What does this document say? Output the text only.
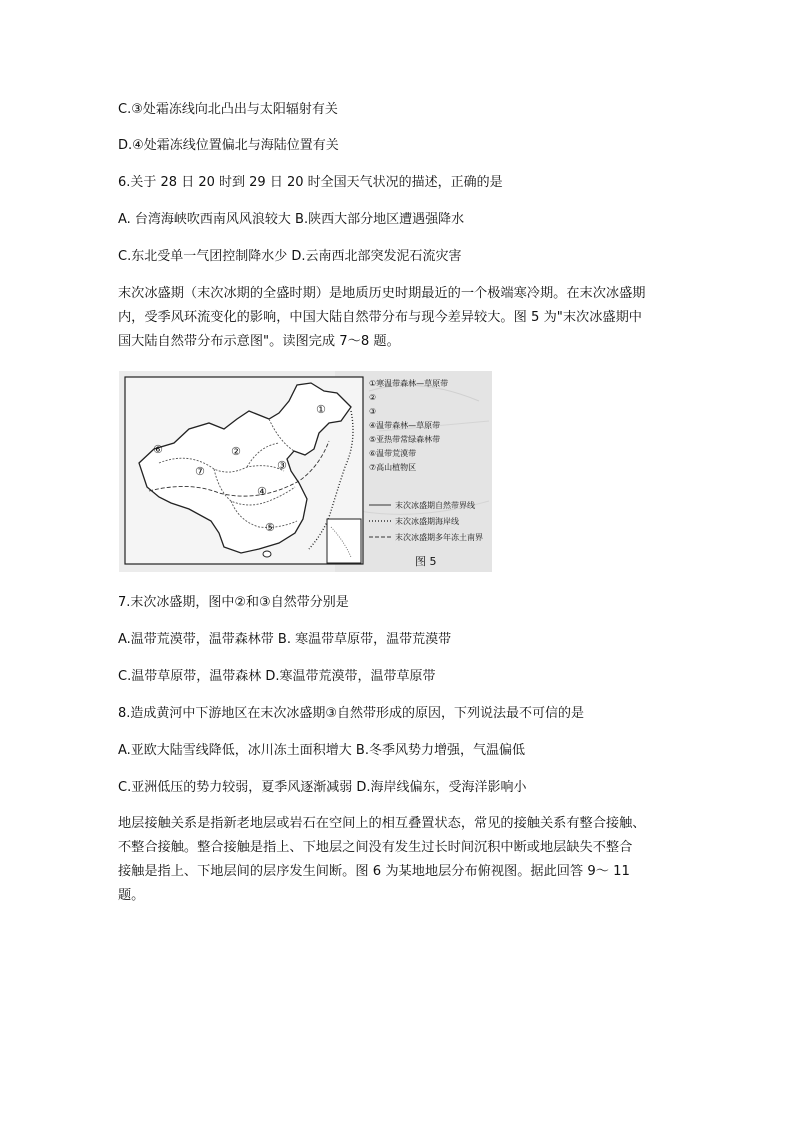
C.③处霜冻线向北凸出与太阳辐射有关
D.④处霜冻线位置偏北与海陆位置有关
6.关于 28 日 20 时到 29 日 20 时全国天气状况的描述，正确的是
A. 台湾海峡吹西南风风浪较大 B.陕西大部分地区遭遇强降水
C.东北受单一气团控制降水少 D.云南西北部突发泥石流灾害
末次冰盛期（末次冰期的全盛时期）是地质历史时期最近的一个极端寒冷期。在末次冰盛期
内，受季风环流变化的影响，中国大陆自然带分布与现今差异较大。图 5 为"末次冰盛期中
国大陆自然带分布示意图"。读图完成 7～8 题。
①
②
③
④
⑤
⑥
⑦
①寒温带森林—草原带
②
③
④温带森林—草原带
⑤亚热带常绿森林带
⑥温带荒漠带
⑦高山植物区
末次冰盛期自然带界线
末次冰盛期海岸线
末次冰盛期多年冻土南界
图 5
7.末次冰盛期，图中②和③自然带分别是
A.温带荒漠带，温带森林带 B. 寒温带草原带，温带荒漠带
C.温带草原带，温带森林 D.寒温带荒漠带，温带草原带
8.造成黄河中下游地区在末次冰盛期③自然带形成的原因，下列说法最不可信的是
A.亚欧大陆雪线降低，冰川冻土面积增大 B.冬季风势力增强，气温偏低
C.亚洲低压的势力较弱，夏季风逐渐减弱 D.海岸线偏东，受海洋影响小
地层接触关系是指新老地层或岩石在空间上的相互叠置状态，常见的接触关系有整合接触、
不整合接触。整合接触是指上、下地层之间没有发生过长时间沉积中断或地层缺失不整合
接触是指上、下地层间的层序发生间断。图 6 为某地地层分布俯视图。据此回答 9～ 11
题。
